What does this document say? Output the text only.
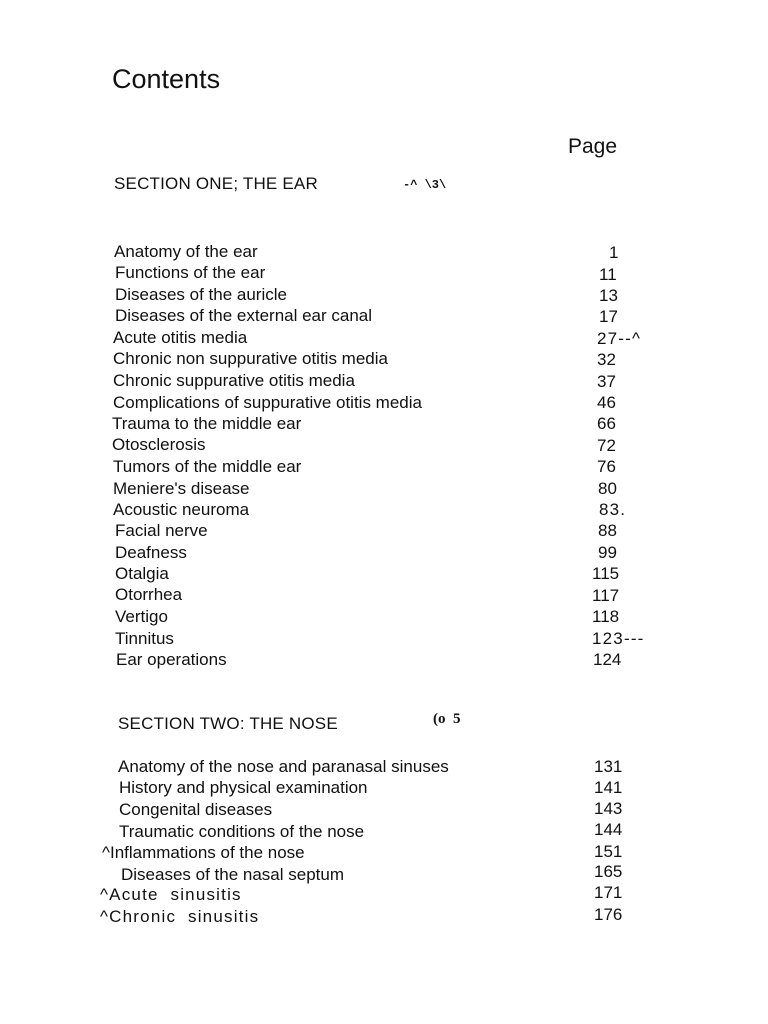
Contents
Page
SECTION ONE; THE EAR	-^ \3\
Anatomy of the ear	1
Functions of the ear	11
Diseases of the auricle	13
Diseases of the external ear canal	17
Acute otitis media	27--^
Chronic non suppurative otitis media	32
Chronic suppurative otitis media	37
Complications of suppurative otitis media	46
Trauma to the middle ear	66
Otosclerosis	72
Tumors of the middle ear	76
Meniere's disease	80
Acoustic neuroma	83.
Facial nerve	88
Deafness	99
Otalgia	115
Otorrhea	117
Vertigo	118
Tinnitus	123---
Ear operations	124
SECTION TWO: THE NOSE	(o  5
Anatomy of the nose and paranasal sinuses	131
History and physical examination	141
Congenital diseases	143
Traumatic conditions of the nose	144
^Inflammations of the nose	151
Diseases of the nasal septum	165
^Acute  sinusitis	171
^Chronic  sinusitis	176
